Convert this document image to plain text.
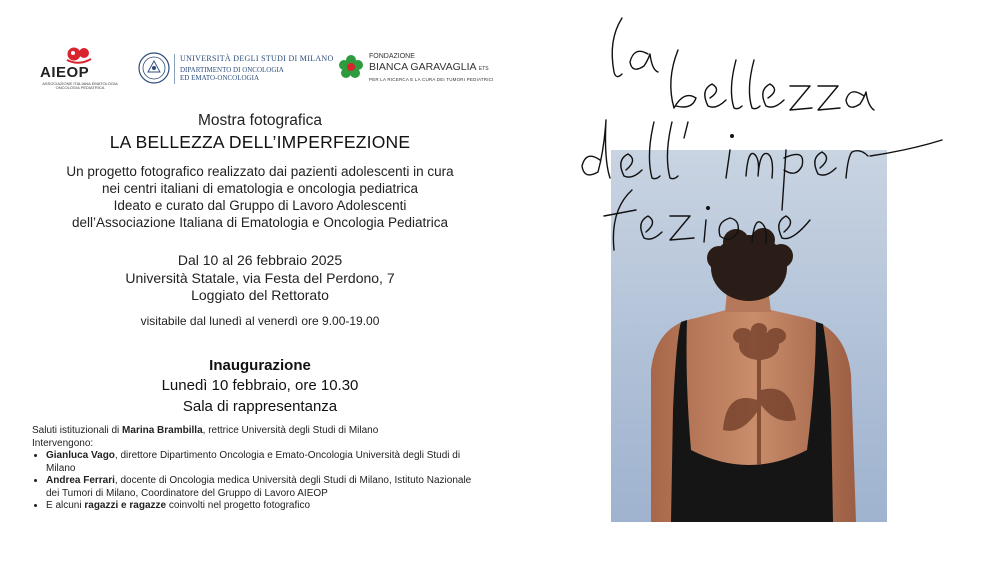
AIEOP
ASSOCIAZIONE ITALIANA EMATOLOGIA ONCOLOGIA PEDIATRICA
UNIVERSITÀ DEGLI STUDI DI MILANO
DIPARTIMENTO DI ONCOLOGIA
ED EMATO-ONCOLOGIA
FONDAZIONE
BIANCA GARAVAGLIA ETS
PER LA RICERCA E LA CURA DEI TUMORI PEDIATRICI
Mostra fotografica
LA BELLEZZA DELL’IMPERFEZIONE
Un progetto fotografico realizzato dai pazienti adolescenti in cura
nei centri italiani di ematologia e oncologia pediatrica
Ideato e curato dal Gruppo di Lavoro Adolescenti
dell’Associazione Italiana di Ematologia e Oncologia Pediatrica
Dal 10 al 26 febbraio 2025
Università Statale, via Festa del Perdono, 7
Loggiato del Rettorato
visitabile dal lunedì al venerdì ore 9.00-19.00
Inaugurazione
Lunedì 10 febbraio, ore 10.30
Sala di rappresentanza
Saluti istituzionali di Marina Brambilla, rettrice Università degli Studi di Milano
Intervengono:
• Gianluca Vago, direttore Dipartimento Oncologia e Emato-Oncologia Università degli Studi di Milano
• Andrea Ferrari, docente di Oncologia medica Università degli Studi di Milano, Istituto Nazionale dei Tumori di Milano, Coordinatore del Gruppo di Lavoro AIEOP
• E alcuni ragazzi e ragazze coinvolti nel progetto fotografico
